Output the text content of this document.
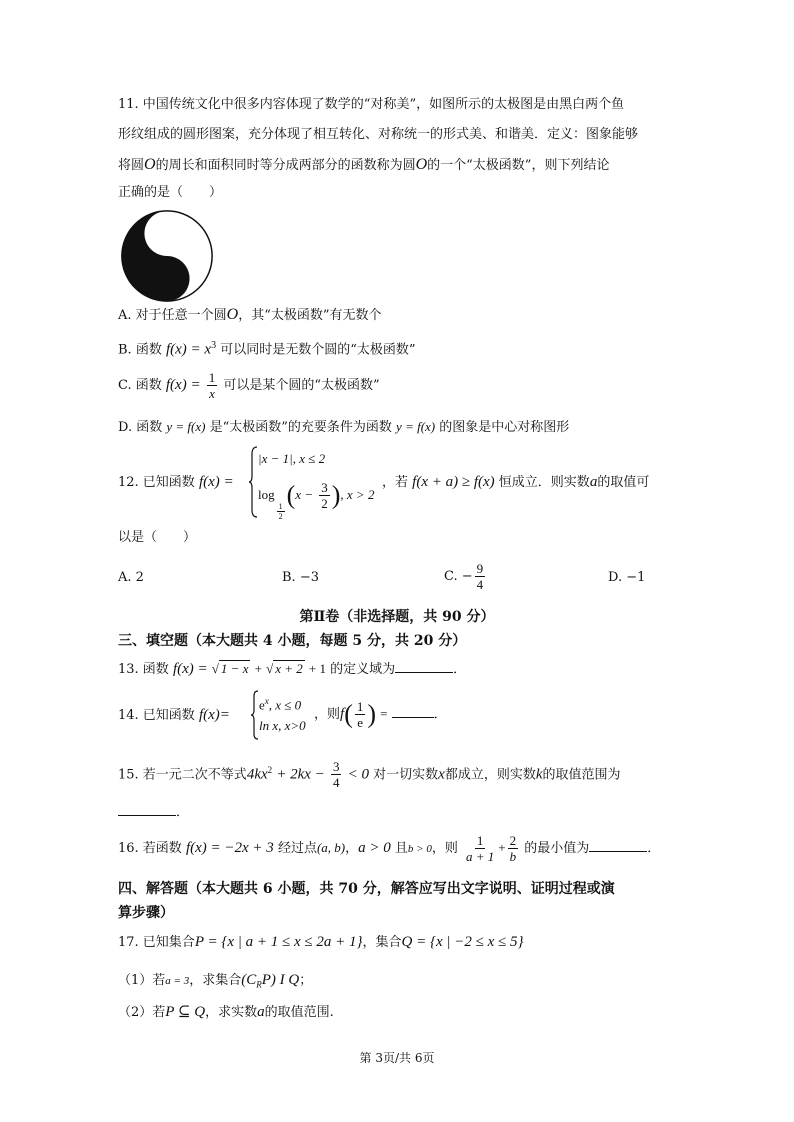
11. 中国传统文化中很多内容体现了数学的“对称美”，如图所示的太极图是由黑白两个鱼
形纹组成的圆形图案，充分体现了相互转化、对称统一的形式美、和谐美．定义：图象能够
将圆O的周长和面积同时等分成两部分的函数称为圆O的一个“太极函数”，则下列结论
正确的是（　　）
A. 对于任意一个圆O，其“太极函数”有无数个
B. 函数 $f(x) = x^3$ 可以同时是无数个圆的“太极函数”
C. 函数 $f(x) = \frac{1}{x}$ 可以是某个圆的“太极函数”
D. 函数 y = f(x) 是“太极函数”的充要条件为函数 y = f(x) 的图象是中心对称图形
12. 已知函数 f(x) =
|x − 1|, x ≤ 2
log
$\frac{1}{2}$
($x - \frac{3}{2}$ ), x > 2
，若 f(x + a) ≥ f(x) 恒成立．则实数a的取值可
以是（　　）
A. 2	B. −3	C. − $\frac{9}{4}$	D. −1
第Ⅱ卷（非选择题，共 90 分）
三、填空题（本大题共 4 小题，每题 5 分，共 20 分）
13. 函数 f(x) = √ 1 − x + √ x + 2 + 1 的定义域为	．
14. 已知函数 f(x)=
$e^x$, x ≤ 0
ln x, x>0
，则$f( \frac{1}{e}$ ) =	．
15. 若一元二次不等式$4kx^2 + 2kx - \frac{3}{4} < 0$ 对一切实数x都成立，则实数k的取值范围为
．
16. 若函数 f(x) = −2x + 3 经过点(a, b)，a > 0 且b > 0，则 $\frac{1}{a + 1} + \frac{2}{b}$ 的最小值为	．
四、解答题（本大题共 6 小题，共 70 分，解答应写出文字说明、证明过程或演
算步骤）
17. 已知集合P = {x | a + 1 ≤ x ≤ 2a + 1}，集合Q = {x | −2 ≤ x ≤ 5}
（1）若a = 3，求集合$(C_RP)$ I Q；
（2）若P ⊆ Q，求实数a的取值范围.
第 3页/共 6页
